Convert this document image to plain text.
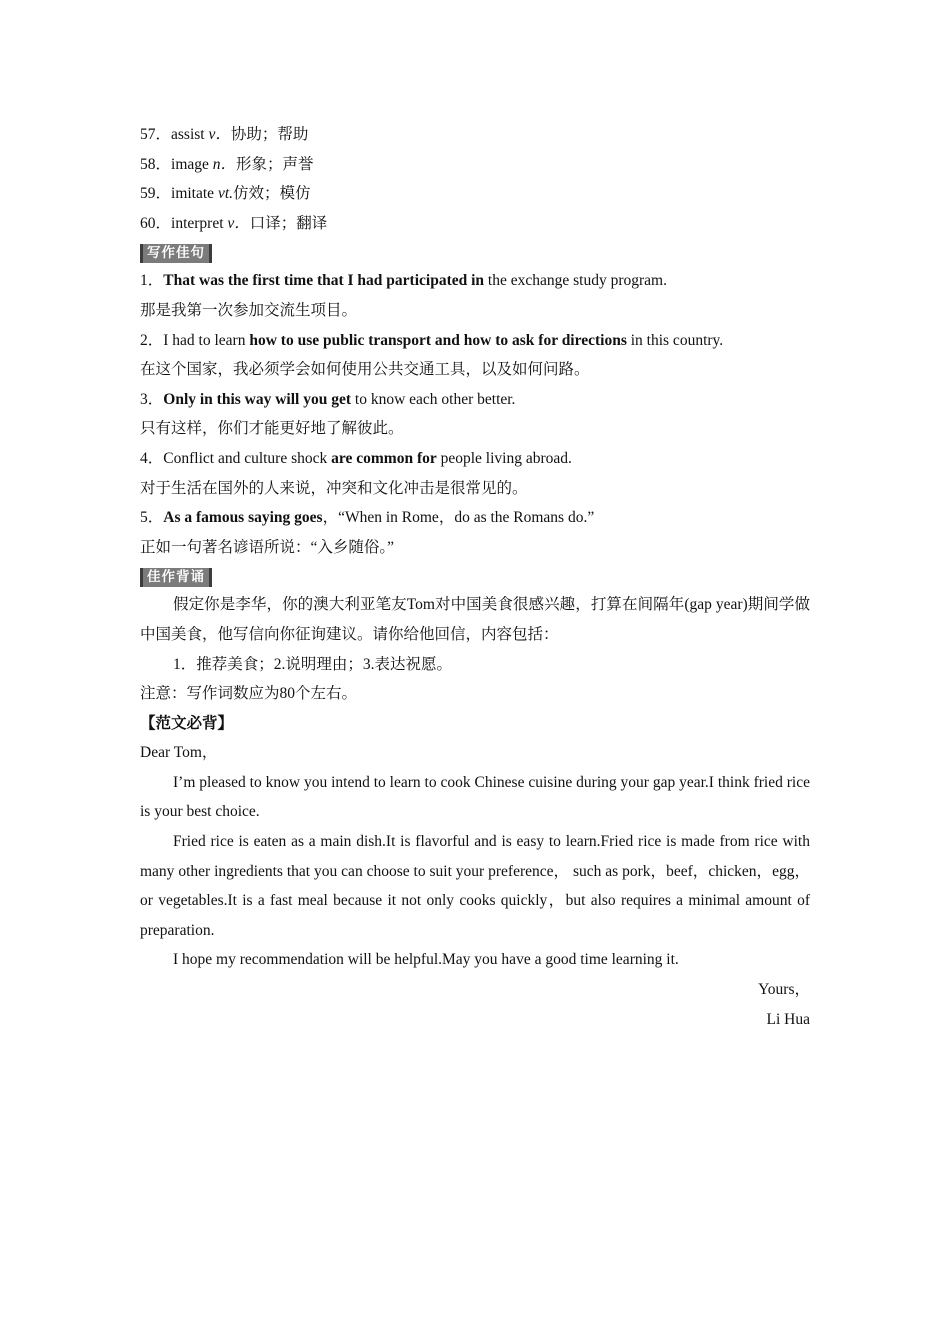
57．assist v．协助；帮助
58．image n．形象；声誉
59．imitate vt.仿效；模仿
60．interpret v．口译；翻译
写作佳句
1．That was the first time that I had participated in the exchange study program.
那是我第一次参加交流生项目。
2．I had to learn how to use public transport and how to ask for directions in this country.
在这个国家，我必须学会如何使用公共交通工具，以及如何问路。
3．Only in this way will you get to know each other better.
只有这样，你们才能更好地了解彼此。
4．Conflict and culture shock are common for people living abroad.
对于生活在国外的人来说，冲突和文化冲击是很常见的。
5．As a famous saying goes，“When in Rome，do as the Romans do.”
正如一句著名谚语所说：“入乡随俗。”
佳作背诵
假定你是李华，你的澳大利亚笔友Tom对中国美食很感兴趣，打算在间隔年(gap year)期间学做中国美食，他写信向你征询建议。请你给他回信，内容包括：
1．推荐美食；2.说明理由；3.表达祝愿。
注意：写作词数应为80个左右。
【范文必背】
Dear Tom，
I’m pleased to know you intend to learn to cook Chinese cuisine during your gap year.I think fried rice is your best choice.
Fried rice is eaten as a main dish.It is flavorful and is easy to learn.Fried rice is made from rice with many other ingredients that you can choose to suit your preference， such as pork，beef，chicken，egg，or vegetables.It is a fast meal because it not only cooks quickly，but also requires a minimal amount of preparation.
I hope my recommendation will be helpful.May you have a good time learning it.
Yours，
Li Hua
